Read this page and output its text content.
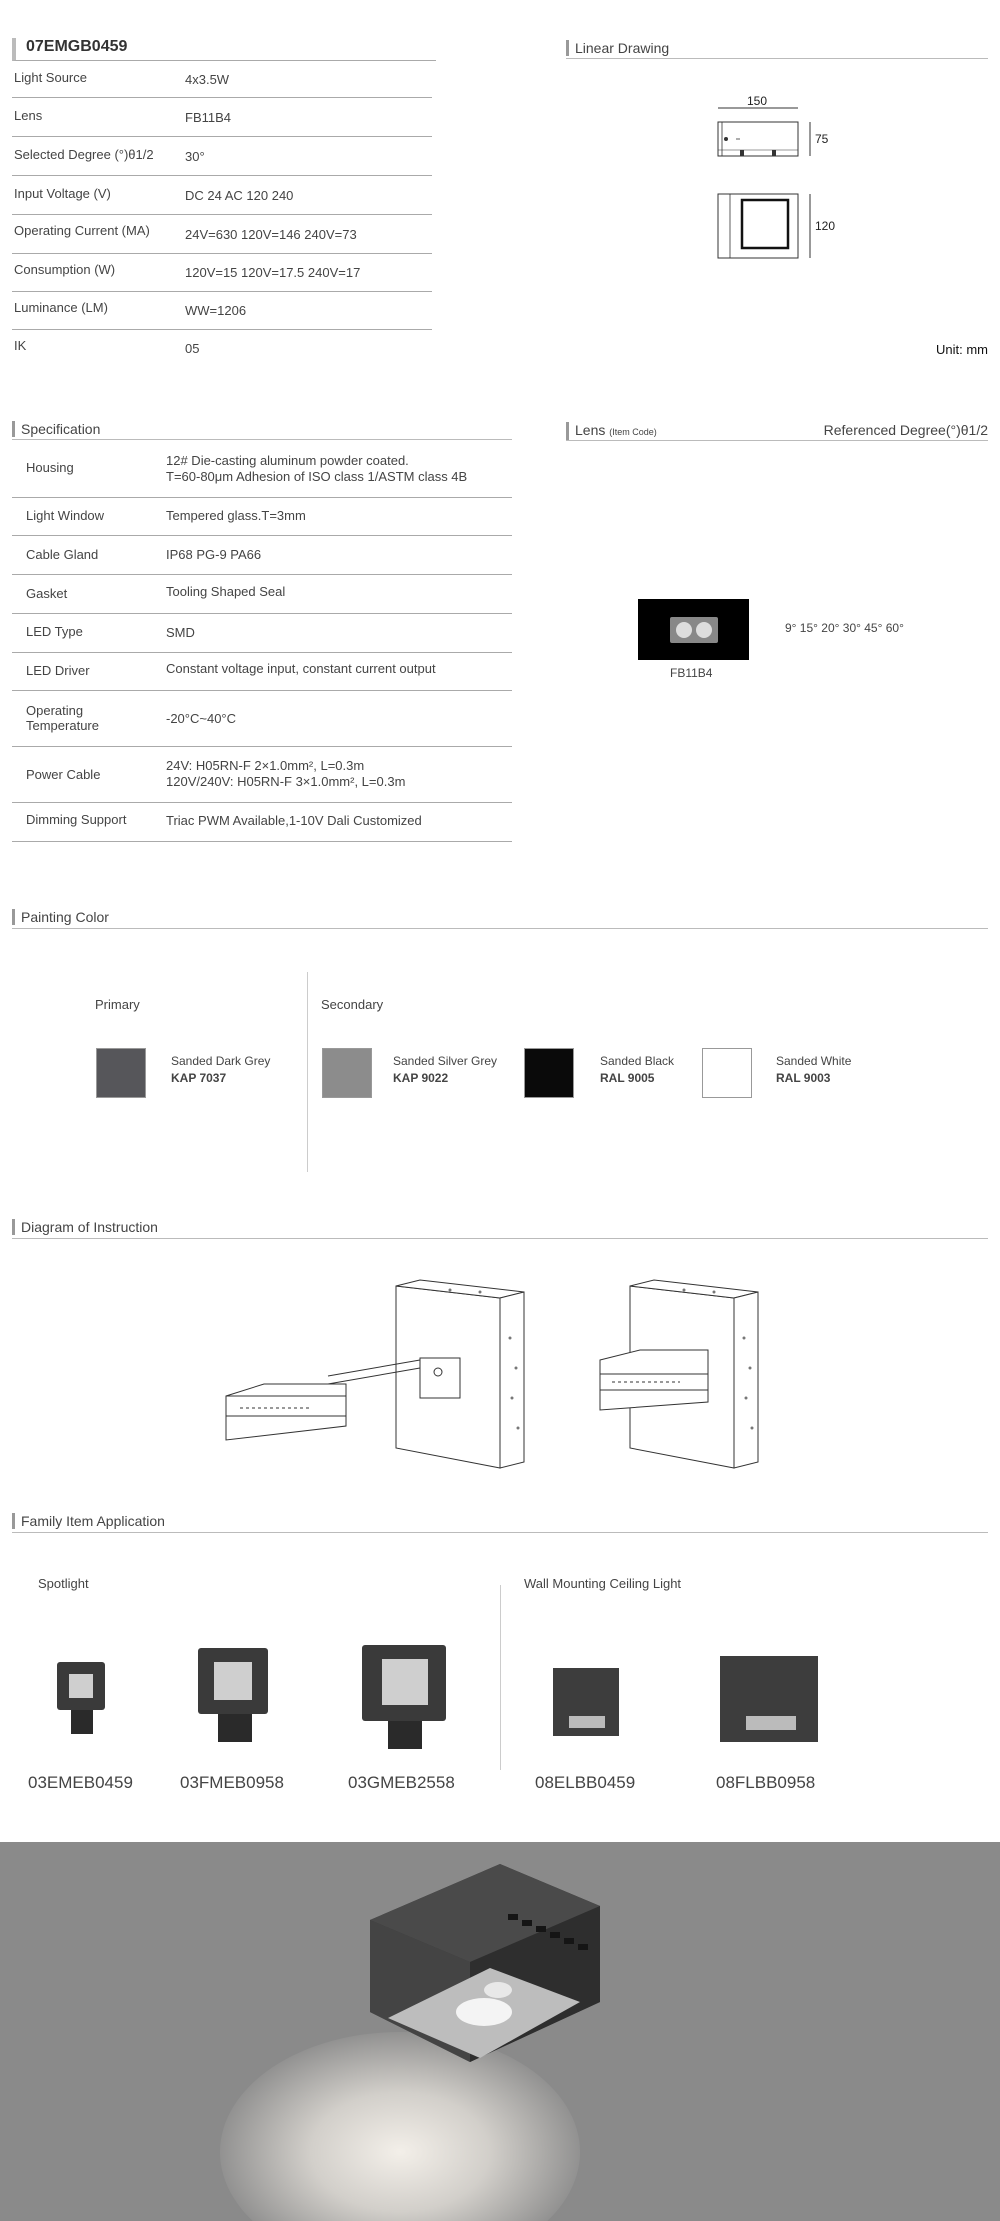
07EMGB0459
Light Source	4x3.5W
Lens	FB11B4
Selected Degree (°)θ1/2 30°
Input Voltage (V)	DC 24 AC 120 240
Operating Current (MA)	24V=630 120V=146 240V=73
Consumption (W)	120V=15 120V=17.5 240V=17
Luminance (LM)	WW=1206
IK	05
Linear Drawing
150
75
120
Unit: mm
Specification
Housing	12# Die-casting aluminum powder coated.
T=60-80μm Adhesion of ISO class 1/ASTM class 4B
Light Window	Tempered glass.T=3mm
Cable Gland	IP68 PG-9 PA66
Gasket	Tooling Shaped Seal
LED Type	SMD
LED Driver	Constant voltage input, constant current output
Operating
Temperature	-20°C~40°C
Power Cable
24V: H05RN-F 2×1.0mm², L=0.3m
120V/240V: H05RN-F 3×1.0mm², L=0.3m
Dimming Support	Triac PWM Available,1-10V Dali Customized
Lens (Item Code)	Referenced Degree(°)θ1/2
FB11B4
9° 15° 20° 30° 45° 60°
Painting Color
Primary	Secondary
Sanded Dark Grey
KAP 7037
Sanded Silver Grey
KAP 9022
Sanded Black
RAL 9005
Sanded White
RAL 9003
Diagram of Instruction
Family Item Application
Spotlight	Wall Mounting Ceiling Light
03EMEB0459	03FMEB0958	03GMEB2558	08ELBB0459	08FLBB0958
